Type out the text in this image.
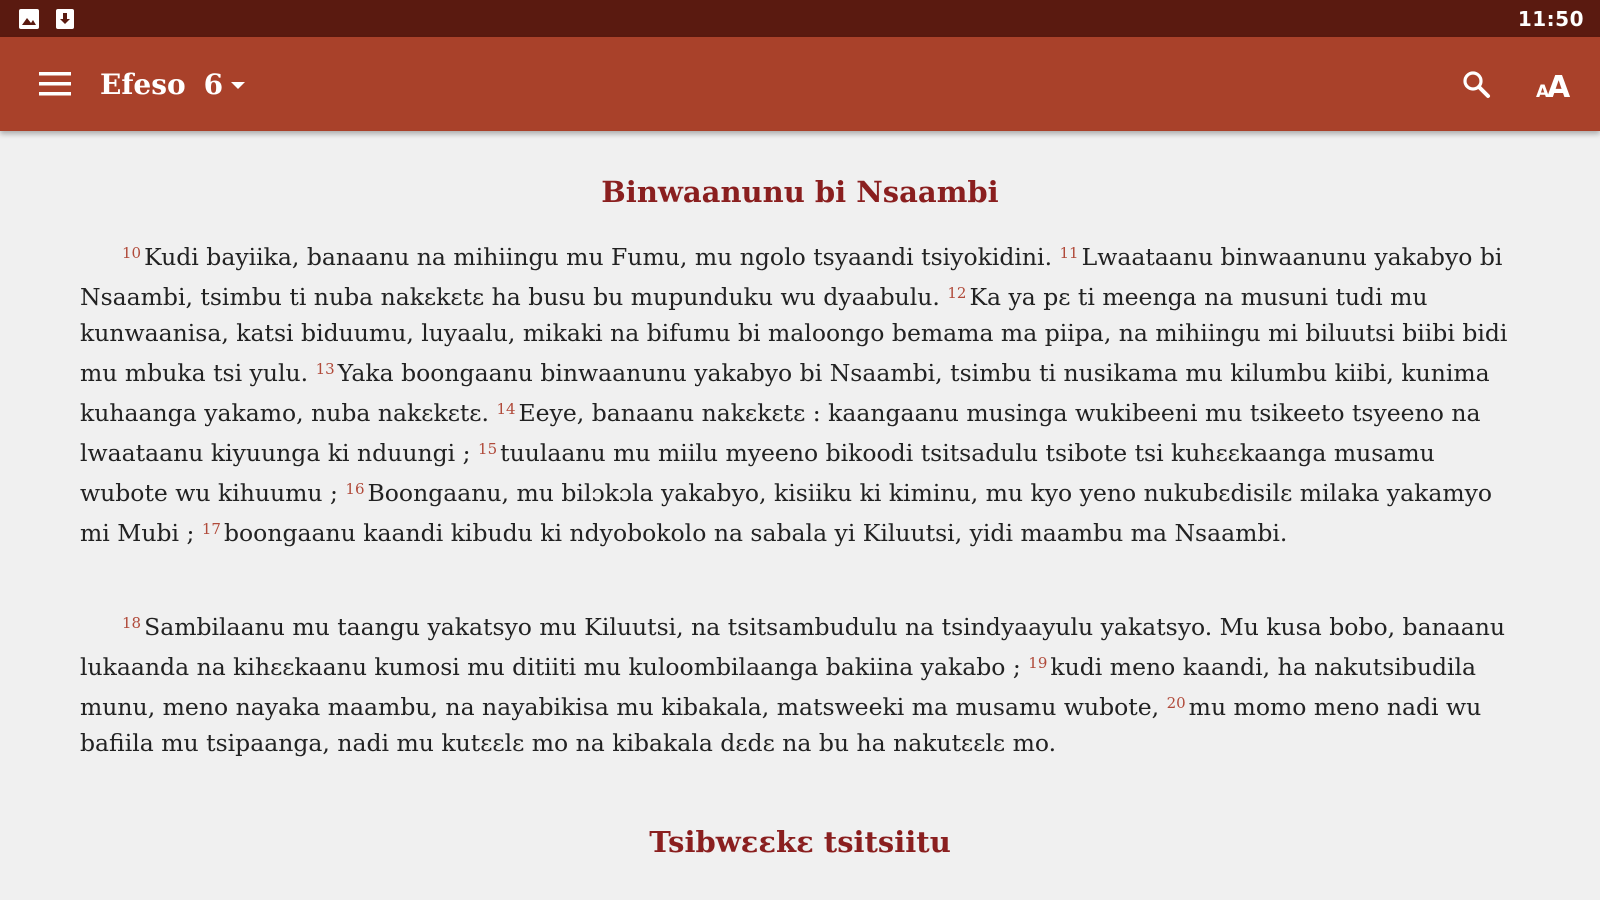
11:50
Efeso 6	A
A
Binwaanunu bi Nsaambi

$^{10}$ Kudi bayiika, banaanu na mihiingu mu Fumu, mu ngolo tsyaandi tsiyokidini. $^{11}$ Lwaataanu binwaanunu yakabyo bi Nsaambi, tsimbu ti nuba nakɛkɛtɛ ha busu bu mupunduku wu dyaabulu. $^{12}$ Ka ya pɛ ti meenga na musuni tudi mu kunwaanisa, katsi biduumu, luyaalu, mikaki na bifumu bi maloongo bemama ma piipa, na mihiingu mi biluutsi biibi bidi mu mbuka tsi yulu. $^{13}$ Yaka boongaanu binwaanunu yakabyo bi Nsaambi, tsimbu ti nusikama mu kilumbu kiibi, kunima kuhaanga yakamo, nuba nakɛkɛtɛ. $^{14}$ Eeye, banaanu nakɛkɛtɛ : kaangaanu musinga wukibeeni mu tsikeeto tsyeeno na lwaataanu kiyuunga ki nduungi ; $^{15}$ tuulaanu mu miilu myeeno bikoodi tsitsadulu tsibote tsi kuhɛɛkaanga musamu wubote wu kihuumu ; $^{16}$ Boongaanu, mu bilɔkɔla yakabyo, kisiiku ki kiminu, mu kyo yeno nukubɛdisilɛ milaka yakamyo mi Mubi ; $^{17}$ boongaanu kaandi kibudu ki ndyobokolo na sabala yi Kiluutsi, yidi maambu ma Nsaambi.

$^{18}$ Sambilaanu mu taangu yakatsyo mu Kiluutsi, na tsitsambudulu na tsindyaayulu yakatsyo. Mu kusa bobo, banaanu lukaanda na kihɛɛkaanu kumosi mu ditiiti mu kuloombilaanga bakiina yakabo ; $^{19}$ kudi meno kaandi, ha nakutsibudila munu, meno nayaka maambu, na nayabikisa mu kibakala, matsweeki ma musamu wubote, $^{20}$ mu momo meno nadi wu bafiila mu tsipaanga, nadi mu kutɛɛlɛ mo na kibakala dɛdɛ na bu ha nakutɛɛlɛ mo.

Tsibwɛɛkɛ tsitsiitu
